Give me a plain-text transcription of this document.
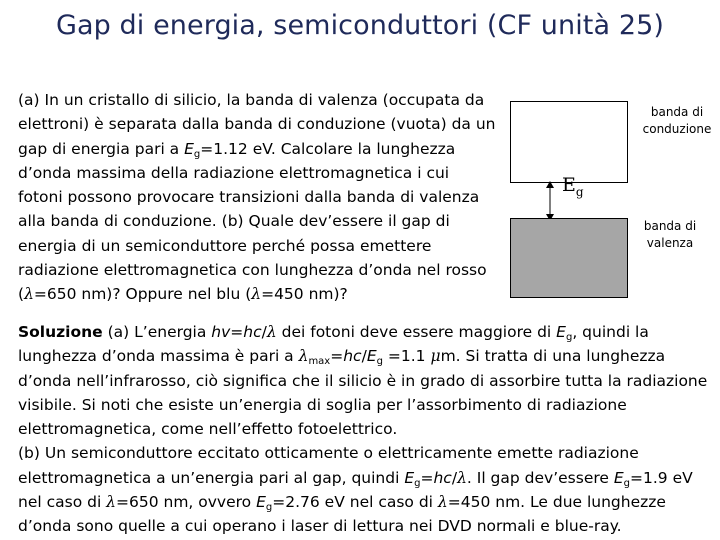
Gap di energia, semiconduttori (CF unità 25)
(a) In un cristallo di silicio, la banda di valenza (occupata da elettroni) è separata dalla banda di conduzione (vuota) da un gap di energia pari a $E_g=1.12$ eV. Calcolare la lunghezza d’onda massima della radiazione elettromagnetica i cui fotoni possono provocare transizioni dalla banda di valenza alla banda di conduzione. (b) Quale dev’essere il gap di energia di un semiconduttore perché possa emettere radiazione elettromagnetica con lunghezza d’onda nel rosso (λ=650 nm)? Oppure nel blu (λ=450 nm)?
banda di conduzione
$E_g$
banda di valenza
Soluzione (a) L’energia hv=hc/λ dei fotoni deve essere maggiore di $E_g$, quindi la lunghezza d’onda massima è pari a $\lambda_{max}=hc/E_g =1.1$ μm. Si tratta di una lunghezza d’onda nell’infrarosso, ciò significa che il silicio è in grado di assorbire tutta la radiazione visibile. Si noti che esiste un’energia di soglia per l’assorbimento di radiazione elettromagnetica, come nell’effetto fotoelettrico.
(b) Un semiconduttore eccitato otticamente o elettricamente emette radiazione elettromagnetica a un’energia pari al gap, quindi $E_g=hc/\lambda$. Il gap dev’essere $E_g=1.9$ eV nel caso di λ=650 nm, ovvero $E_g=2.76$ eV nel caso di λ=450 nm. Le due lunghezze d’onda sono quelle a cui operano i laser di lettura nei DVD normali e blue-ray.
